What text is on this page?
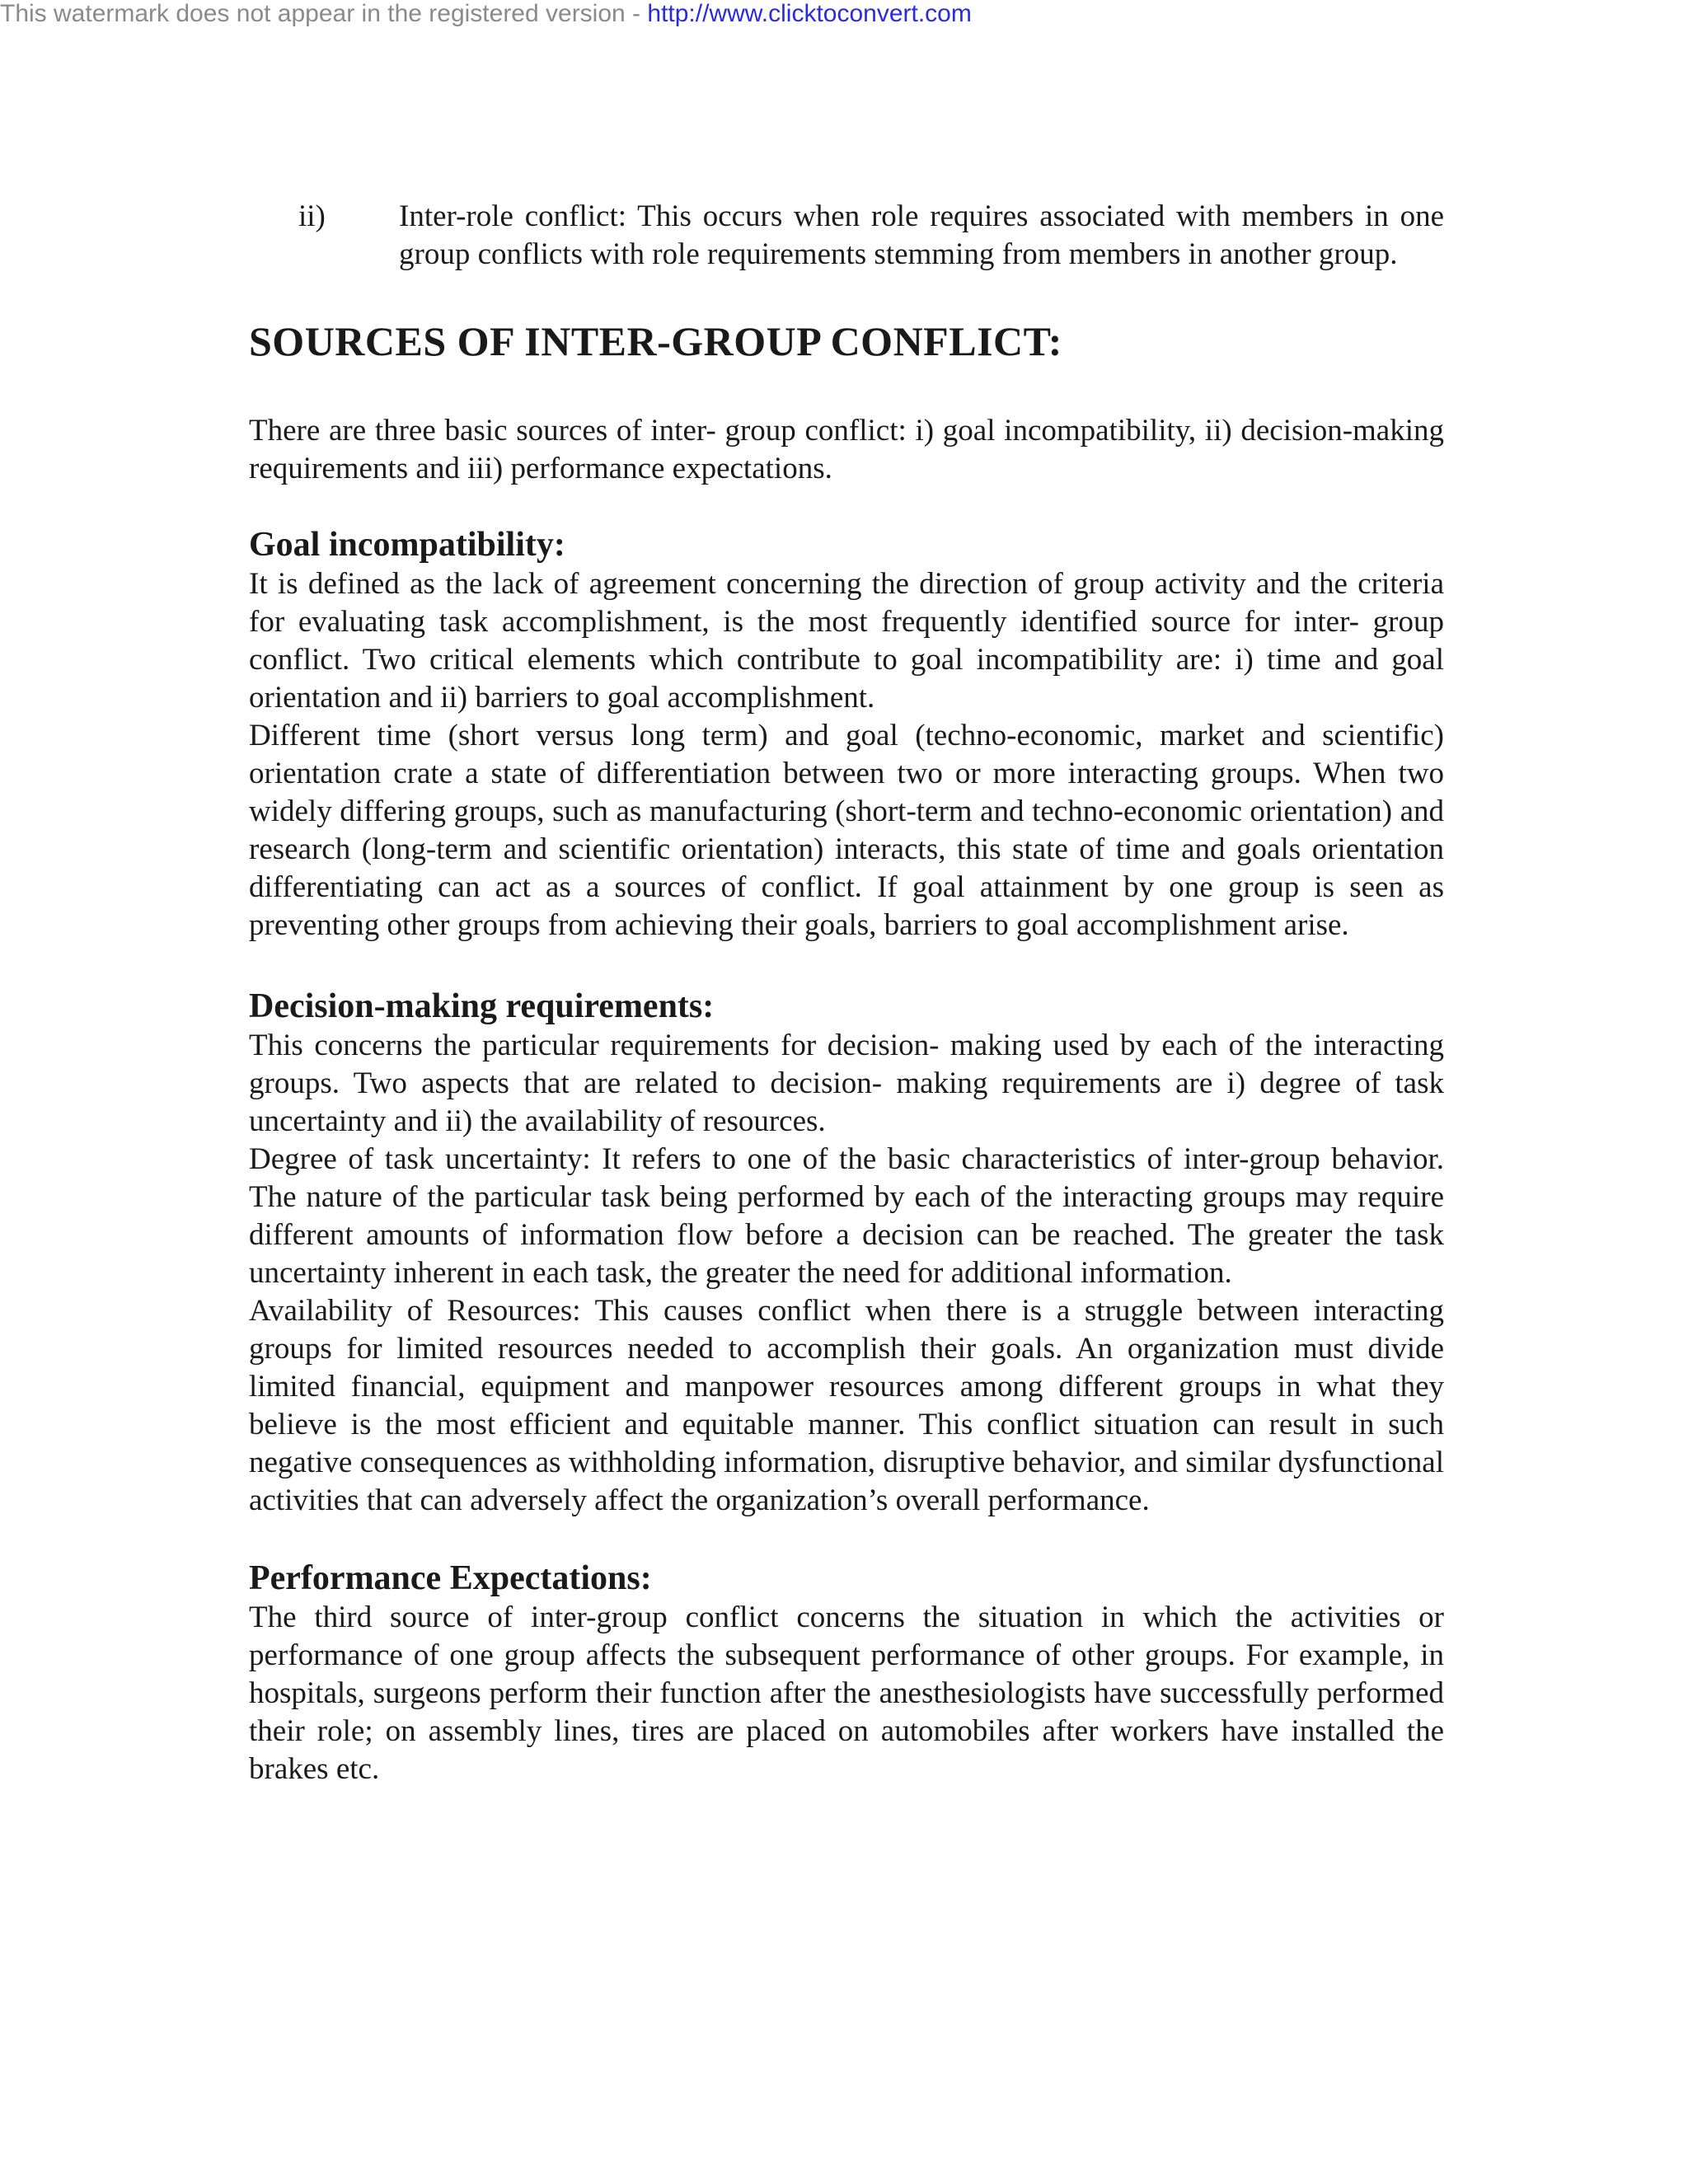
This watermark does not appear in the registered version - http://www.clicktoconvert.com
ii)	Inter-role conflict: This occurs when role requires associated with members in one group conflicts with role requirements stemming from members in another group.
SOURCES OF INTER-GROUP CONFLICT:

There are three basic sources of inter- group conflict: i) goal incompatibility, ii) decision-making requirements and iii) performance expectations.

Goal incompatibility:

It is defined as the lack of agreement concerning the direction of group activity and the criteria for evaluating task accomplishment, is the most frequently identified source for inter- group conflict. Two critical elements which contribute to goal incompatibility are: i) time and goal orientation and ii) barriers to goal accomplishment.

Different time (short versus long term) and goal (techno-economic, market and scientific) orientation crate a state of differentiation between two or more interacting groups. When two widely differing groups, such as manufacturing (short-term and techno-economic orientation) and research (long-term and scientific orientation) interacts, this state of time and goals orientation differentiating can act as a sources of conflict. If goal attainment by one group is seen as preventing other groups from achieving their goals, barriers to goal accomplishment arise.

Decision-making requirements:

This concerns the particular requirements for decision- making used by each of the interacting groups. Two aspects that are related to decision- making requirements are i) degree of task uncertainty and ii) the availability of resources.

Degree of task uncertainty: It refers to one of the basic characteristics of inter-group behavior. The nature of the particular task being performed by each of the interacting groups may require different amounts of information flow before a decision can be reached. The greater the task uncertainty inherent in each task, the greater the need for additional information.

Availability of Resources: This causes conflict when there is a struggle between interacting groups for limited resources needed to accomplish their goals. An organization must divide limited financial, equipment and manpower resources among different groups in what they believe is the most efficient and equitable manner. This conflict situation can result in such negative consequences as withholding information, disruptive behavior, and similar dysfunctional activities that can adversely affect the organization’s overall performance.

Performance Expectations:

The third source of inter-group conflict concerns the situation in which the activities or performance of one group affects the subsequent performance of other groups. For example, in hospitals, surgeons perform their function after the anesthesiologists have successfully performed their role; on assembly lines, tires are placed on automobiles after workers have installed the brakes etc.
